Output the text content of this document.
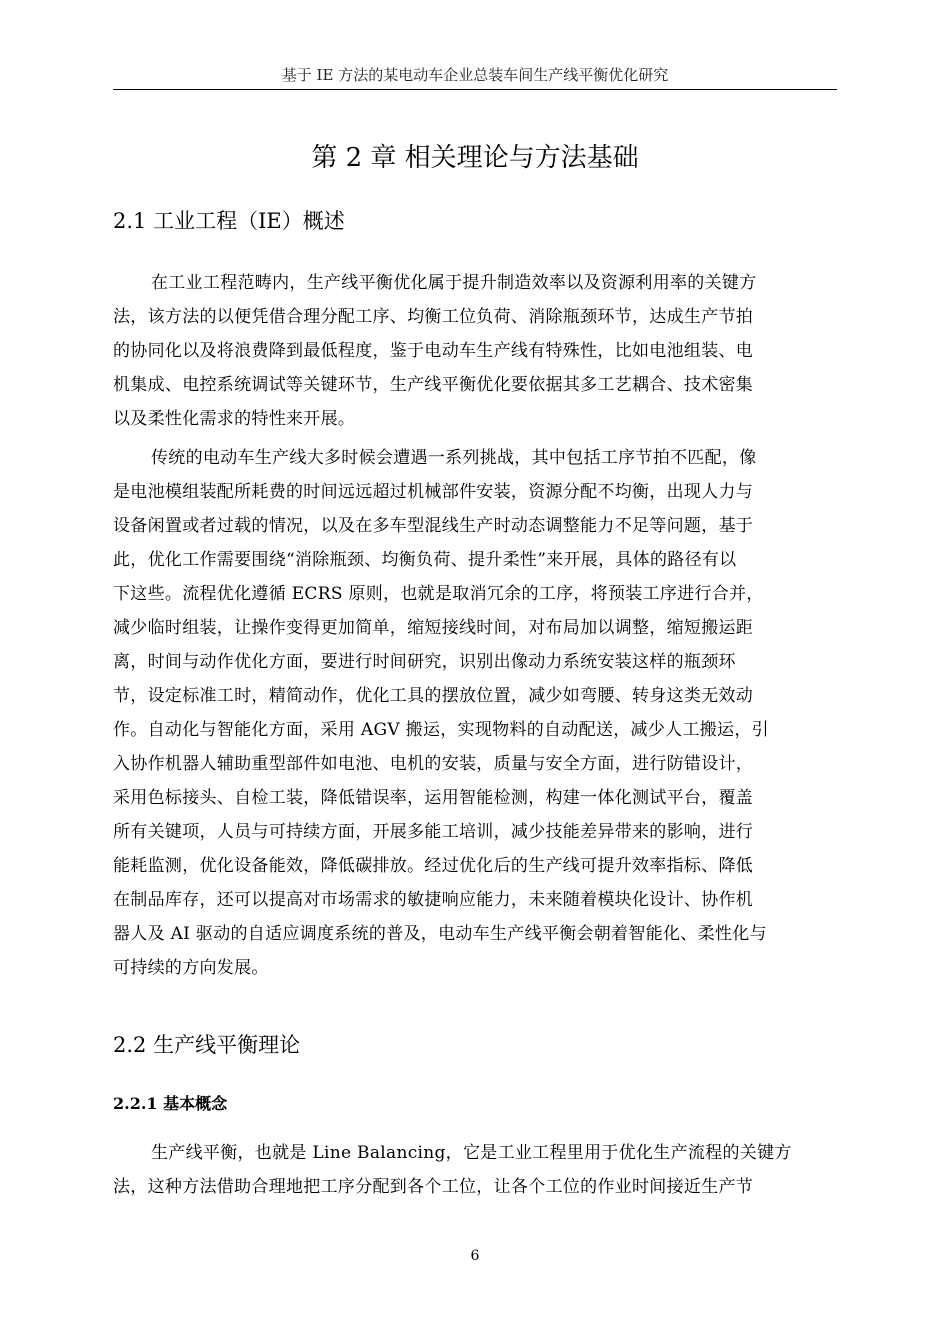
基于 IE 方法的某电动车企业总装车间生产线平衡优化研究
第 2 章 相关理论与方法基础
2.1 工业工程（IE）概述
在工业工程范畴内，生产线平衡优化属于提升制造效率以及资源利用率的关键方
法，该方法的以便凭借合理分配工序、均衡工位负荷、消除瓶颈环节，达成生产节拍
的协同化以及将浪费降到最低程度，鉴于电动车生产线有特殊性，比如电池组装、电
机集成、电控系统调试等关键环节，生产线平衡优化要依据其多工艺耦合、技术密集
以及柔性化需求的特性来开展。
传统的电动车生产线大多时候会遭遇一系列挑战，其中包括工序节拍不匹配，像
是电池模组装配所耗费的时间远远超过机械部件安装，资源分配不均衡，出现人力与
设备闲置或者过载的情况，以及在多车型混线生产时动态调整能力不足等问题，基于
此，优化工作需要围绕“消除瓶颈、均衡负荷、提升柔性”来开展，具体的路径有以
下这些。流程优化遵循 ECRS 原则，也就是取消冗余的工序，将预装工序进行合并，
减少临时组装，让操作变得更加简单，缩短接线时间，对布局加以调整，缩短搬运距
离，时间与动作优化方面，要进行时间研究，识别出像动力系统安装这样的瓶颈环
节，设定标准工时，精简动作，优化工具的摆放位置，减少如弯腰、转身这类无效动
作。自动化与智能化方面，采用 AGV 搬运，实现物料的自动配送，减少人工搬运，引
入协作机器人辅助重型部件如电池、电机的安装，质量与安全方面，进行防错设计，
采用色标接头、自检工装，降低错误率，运用智能检测，构建一体化测试平台，覆盖
所有关键项，人员与可持续方面，开展多能工培训，减少技能差异带来的影响，进行
能耗监测，优化设备能效，降低碳排放。经过优化后的生产线可提升效率指标、降低
在制品库存，还可以提高对市场需求的敏捷响应能力，未来随着模块化设计、协作机
器人及 AI 驱动的自适应调度系统的普及，电动车生产线平衡会朝着智能化、柔性化与
可持续的方向发展。
2.2 生产线平衡理论
2.2.1 基本概念
生产线平衡，也就是 Line Balancing，它是工业工程里用于优化生产流程的关键方
法，这种方法借助合理地把工序分配到各个工位，让各个工位的作业时间接近生产节
6
